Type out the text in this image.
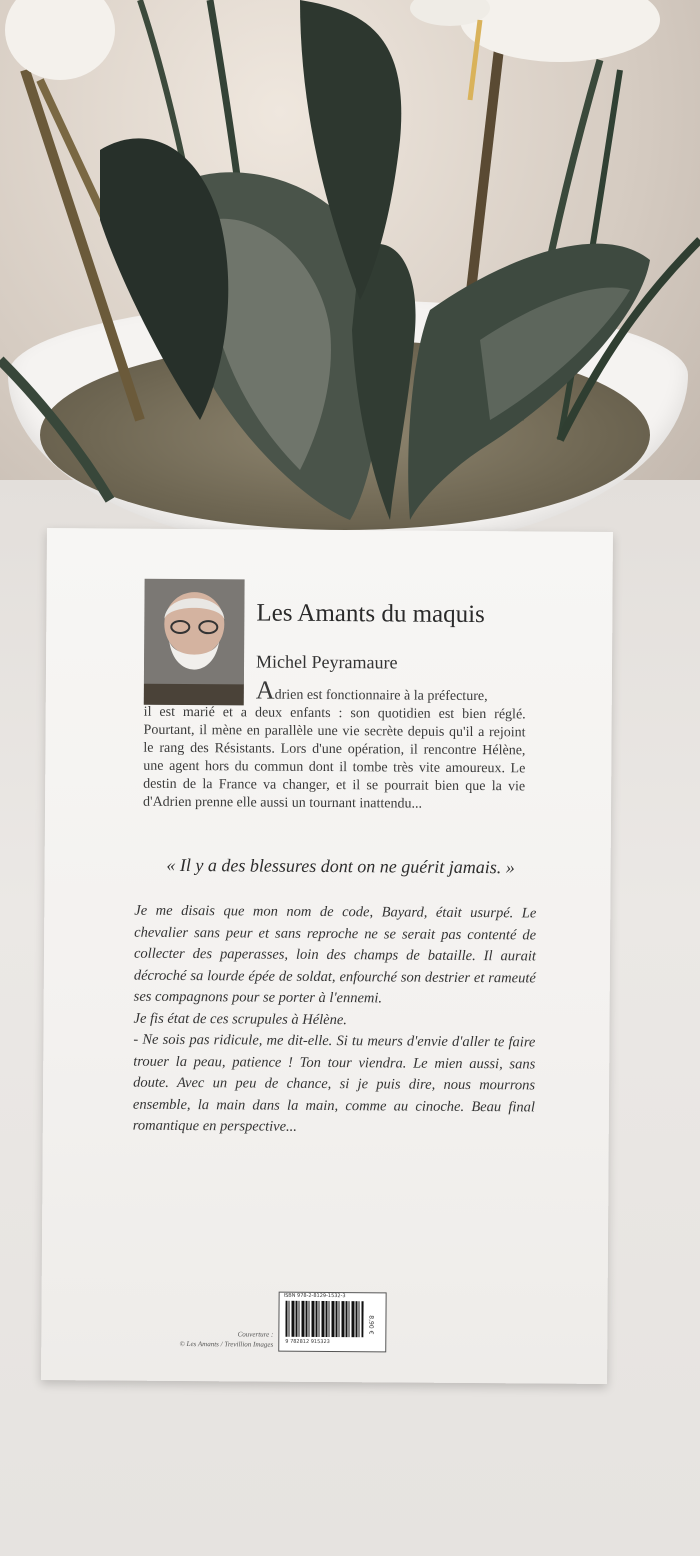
Les Amants du maquis
Michel Peyramaure
Adrien est fonctionnaire à la préfecture,
il est marié et a deux enfants : son quotidien est bien réglé. Pourtant, il mène en parallèle une vie secrète depuis qu'il a rejoint le rang des Résistants. Lors d'une opération, il rencontre Hélène, une agent hors du commun dont il tombe très vite amoureux. Le destin de la France va changer, et il se pourrait bien que la vie d'Adrien prenne elle aussi un tournant inattendu...
« Il y a des blessures dont on ne guérit jamais. »

Je me disais que mon nom de code, Bayard, était usurpé. Le chevalier sans peur et sans reproche ne se serait pas contenté de collecter des paperasses, loin des champs de bataille. Il aurait décroché sa lourde épée de soldat, enfourché son destrier et rameuté ses compagnons pour se porter à l'ennemi.

Je fis état de ces scrupules à Hélène.

- Ne sois pas ridicule, me dit-elle. Si tu meurs d'envie d'aller te faire trouer la peau, patience ! Ton tour viendra. Le mien aussi, sans doute. Avec un peu de chance, si je puis dire, nous mourrons ensemble, la main dans la main, comme au cinoche. Beau final romantique en perspective...

Couverture :
© Les Amants / Trevillion Images
ISBN 978-2-8129-1532-3
9 782812 915323
8,90 €
